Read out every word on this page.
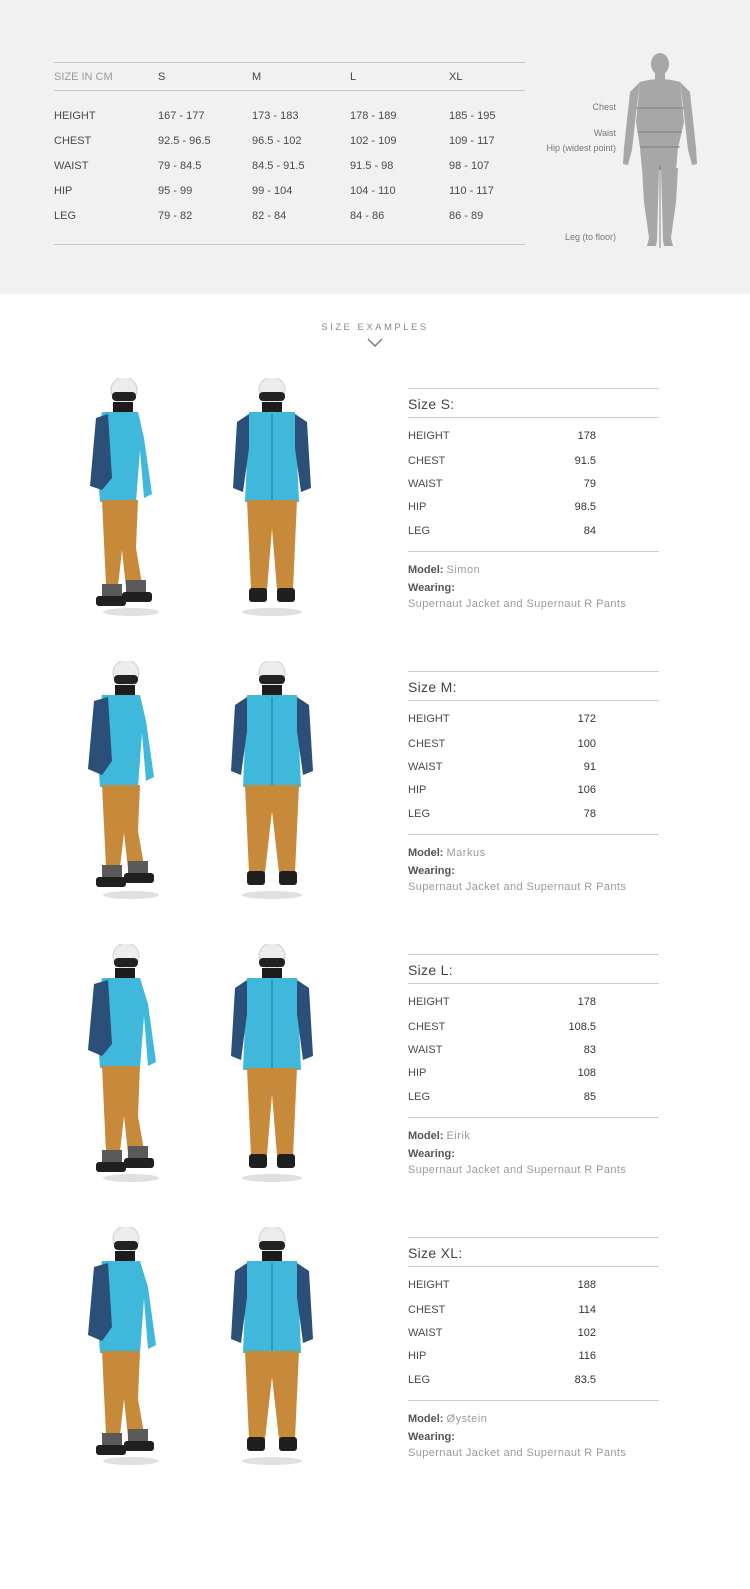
SIZE IN CM	S	M	L	XL
HEIGHT	167 - 177	173 - 183	178 - 189	185 - 195
CHEST	92.5 - 96.5	96.5 - 102	102 - 109	109 - 117
WAIST	79 - 84.5	84.5 - 91.5	91.5 - 98	98 - 107
HIP	95 - 99	99 - 104	104 - 110	110 - 117
LEG	79 - 82	82 - 84	84 - 86	86 - 89
Chest
Waist
Hip (widest point)
Leg (to floor)
SIZE EXAMPLES
Size S:
HEIGHT	178
CHEST	91.5
WAIST	79
HIP	98.5
LEG	84
Model: Simon
Wearing:
Supernaut Jacket and Supernaut R Pants
Size M:
HEIGHT	172
CHEST	100
WAIST	91
HIP	106
LEG	78
Model: Markus
Wearing:
Supernaut Jacket and Supernaut R Pants
Size L:
HEIGHT	178
CHEST	108.5
WAIST	83
HIP	108
LEG	85
Model: Eirik
Wearing:
Supernaut Jacket and Supernaut R Pants
Size XL:
HEIGHT	188
CHEST	114
WAIST	102
HIP	116
LEG	83.5
Model: Øystein
Wearing:
Supernaut Jacket and Supernaut R Pants
